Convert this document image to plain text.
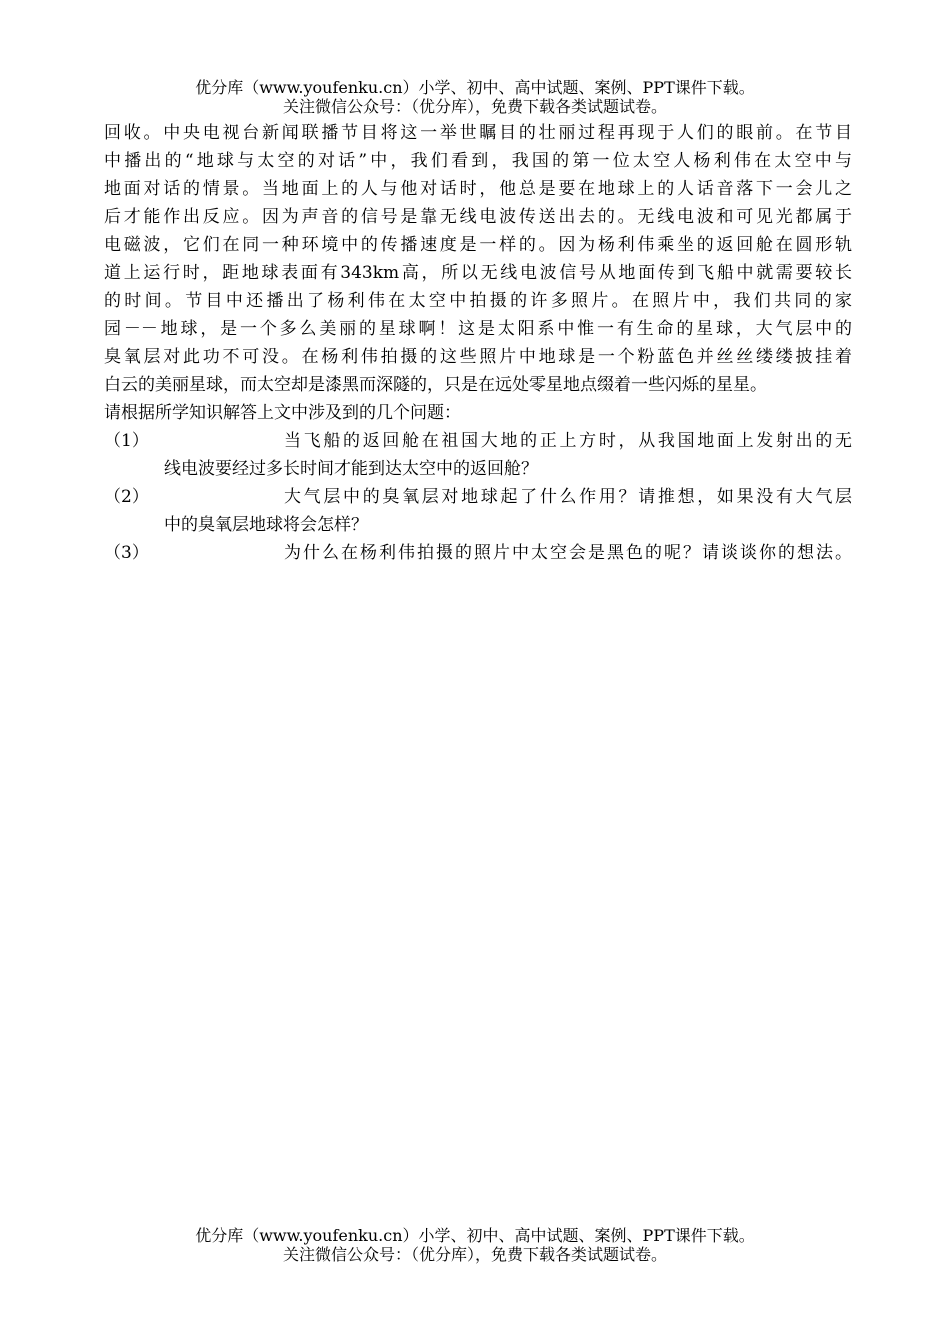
优分库（www.youfenku.cn）小学、初中、高中试题、案例、PPT课件下载。
关注微信公众号：（优分库），免费下载各类试题试卷。
回收。中央电视台新闻联播节目将这一举世瞩目的壮丽过程再现于人们的眼前。在节目
中播出的“地球与太空的对话”中，我们看到，我国的第一位太空人杨利伟在太空中与
地面对话的情景。当地面上的人与他对话时，他总是要在地球上的人话音落下一会儿之
后才能作出反应。因为声音的信号是靠无线电波传送出去的。无线电波和可见光都属于
电磁波，它们在同一种环境中的传播速度是一样的。因为杨利伟乘坐的返回舱在圆形轨
道上运行时，距地球表面有343km高，所以无线电波信号从地面传到飞船中就需要较长
的时间。节目中还播出了杨利伟在太空中拍摄的许多照片。在照片中，我们共同的家
园－－地球，是一个多么美丽的星球啊！这是太阳系中惟一有生命的星球，大气层中的
臭氧层对此功不可没。在杨利伟拍摄的这些照片中地球是一个粉蓝色并丝丝缕缕披挂着
白云的美丽星球，而太空却是漆黑而深隧的，只是在远处零星地点缀着一些闪烁的星星。
请根据所学知识解答上文中涉及到的几个问题：
（1）	当飞船的返回舱在祖国大地的正上方时，从我国地面上发射出的无
线电波要经过多长时间才能到达太空中的返回舱？
（2）	大气层中的臭氧层对地球起了什么作用？请推想，如果没有大气层
中的臭氧层地球将会怎样？
（3）	为什么在杨利伟拍摄的照片中太空会是黑色的呢？请谈谈你的想法。
优分库（www.youfenku.cn）小学、初中、高中试题、案例、PPT课件下载。
关注微信公众号：（优分库），免费下载各类试题试卷。
